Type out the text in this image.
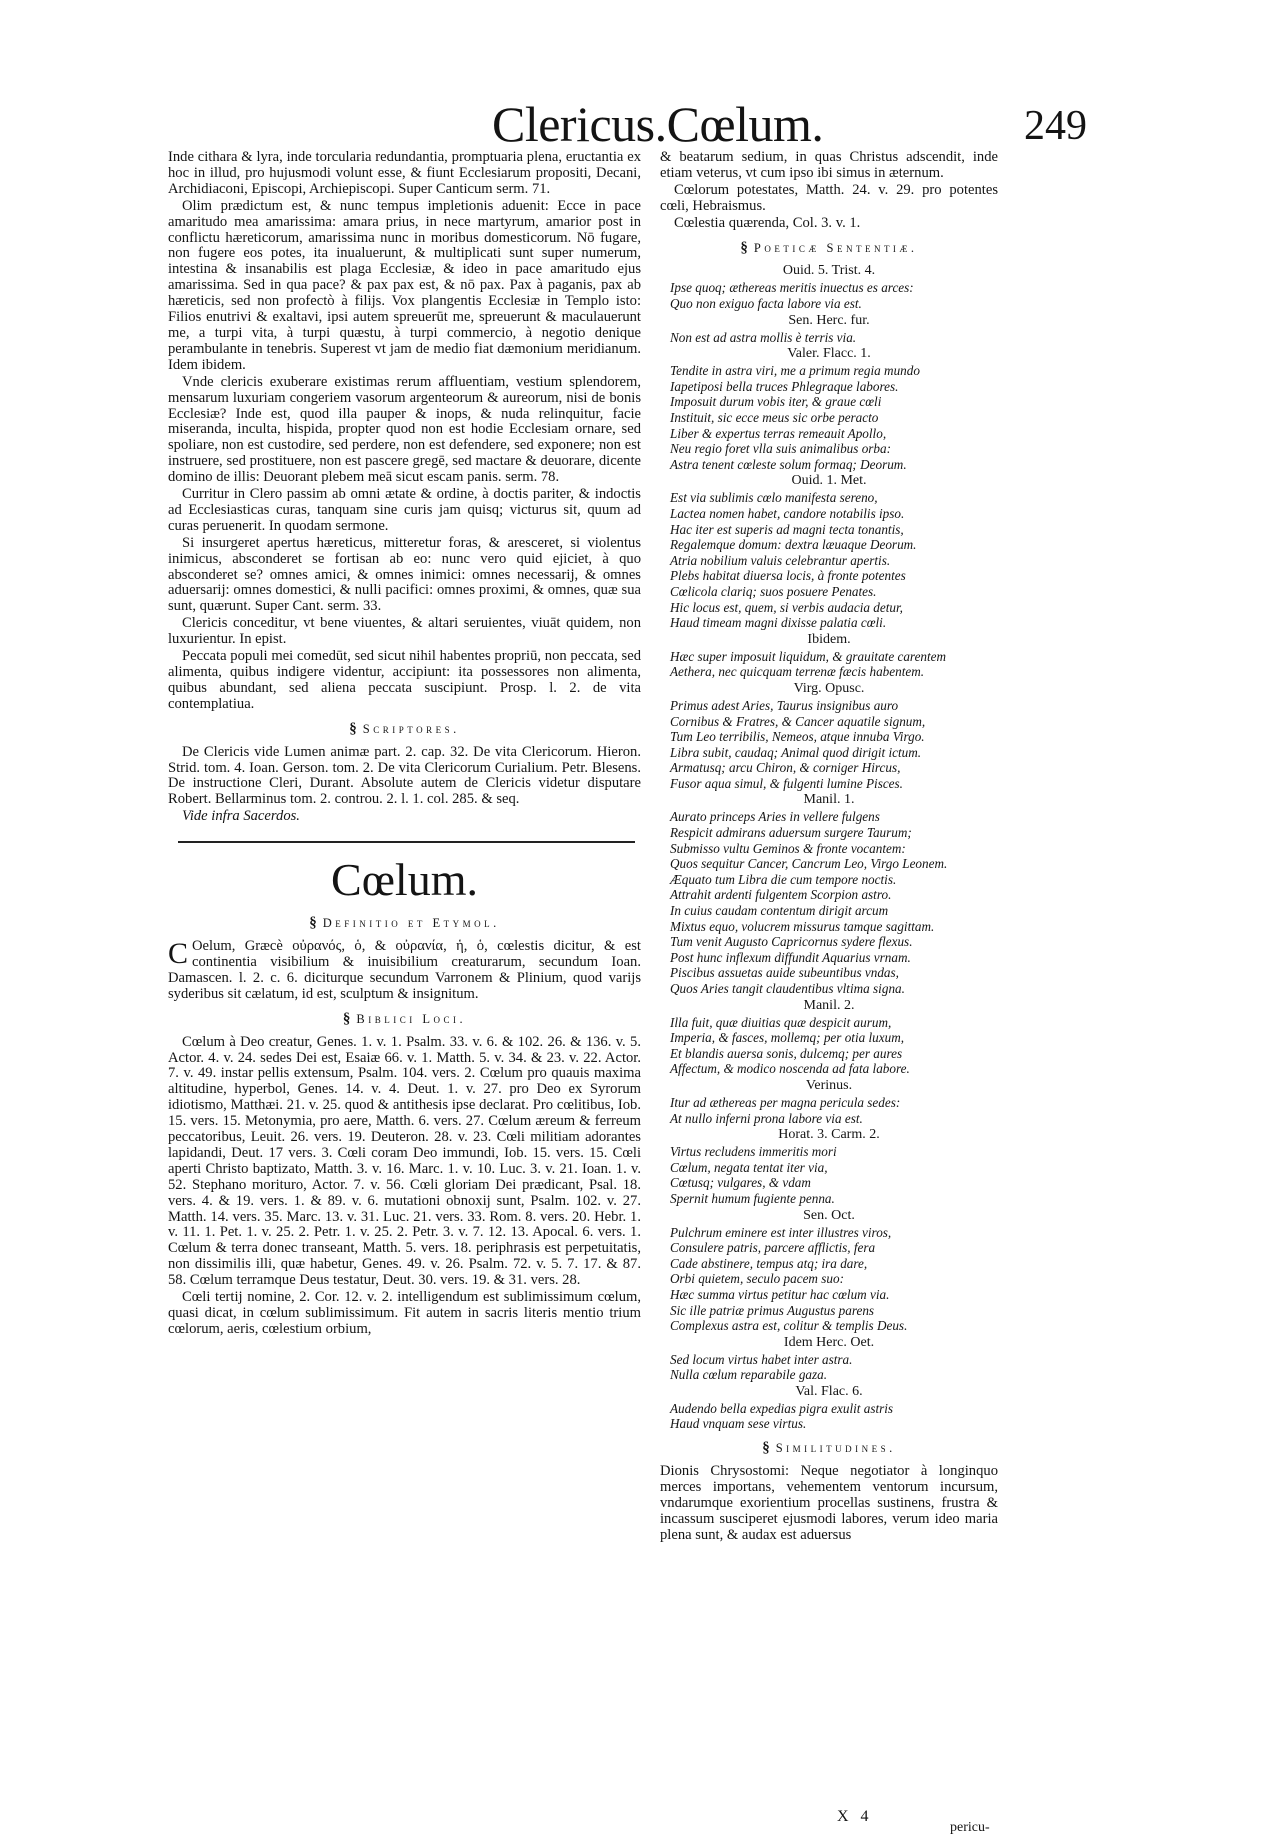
Clericus.Cœlum.	249

Inde cithara & lyra, inde torcularia redundantia, promptuaria plena, eructantia ex hoc in illud, pro hujusmodi volunt esse, & fiunt Ecclesiarum propositi, Decani, Archidiaconi, Episcopi, Archiepiscopi. Super Canticum serm. 71.

Olim prædictum est, & nunc tempus impletionis aduenit: Ecce in pace amaritudo mea amarissima: amara prius, in nece martyrum, amarior post in conflictu hæreticorum, amarissima nunc in moribus domesticorum. Nō fugare, non fugere eos potes, ita inualuerunt, & multiplicati sunt super numerum, intestina & insanabilis est plaga Ecclesiæ, & ideo in pace amaritudo ejus amarissima. Sed in qua pace? & pax pax est, & nō pax. Pax à paganis, pax ab hæreticis, sed non profectò à filijs. Vox plangentis Ecclesiæ in Templo isto: Filios enutrivi & exaltavi, ipsi autem spreuerūt me, spreuerunt & maculauerunt me, a turpi vita, à turpi quæstu, à turpi commercio, à negotio denique perambulante in tenebris. Superest vt jam de medio fiat dæmonium meridianum. Idem ibidem.

Vnde clericis exuberare existimas rerum affluentiam, vestium splendorem, mensarum luxuriam congeriem vasorum argenteorum & aureorum, nisi de bonis Ecclesiæ? Inde est, quod illa pauper & inops, & nuda relinquitur, facie miseranda, inculta, hispida, propter quod non est hodie Ecclesiam ornare, sed spoliare, non est custodire, sed perdere, non est defendere, sed exponere; non est instruere, sed prostituere, non est pascere gregē, sed mactare & deuorare, dicente domino de illis: Deuorant plebem meā sicut escam panis. serm. 78.

Curritur in Clero passim ab omni ætate & ordine, à doctis pariter, & indoctis ad Ecclesiasticas curas, tanquam sine curis jam quisq; victurus sit, quum ad curas peruenerit. In quodam sermone.

Si insurgeret apertus hæreticus, mitteretur foras, & aresceret, si violentus inimicus, absconderet se fortisan ab eo: nunc vero quid ejiciet, à quo absconderet se? omnes amici, & omnes inimici: omnes necessarij, & omnes aduersarij: omnes domestici, & nulli pacifici: omnes proximi, & omnes, quæ sua sunt, quærunt. Super Cant. serm. 33.

Clericis conceditur, vt bene viuentes, & altari seruientes, viuāt quidem, non luxurientur. In epist.

Peccata populi mei comedūt, sed sicut nihil habentes propriū, non peccata, sed alimenta, quibus indigere videntur, accipiunt: ita possessores non alimenta, quibus abundant, sed aliena peccata suscipiunt. Prosp. l. 2. de vita contemplatiua.

§ Scriptores.

De Clericis vide Lumen animæ part. 2. cap. 32. De vita Clericorum. Hieron. Strid. tom. 4. Ioan. Gerson. tom. 2. De vita Clericorum Curialium. Petr. Blesens. De instructione Cleri, Durant. Absolute autem de Clericis videtur disputare Robert. Bellarminus tom. 2. controu. 2. l. 1. col. 285. & seq.

Vide infra Sacerdos.

Cœlum.
§ Definitio et Etymol.

C Oelum, Græcè οὐρανός, ὁ, & οὐρανία, ἡ, ὁ, cœlestis dicitur, & est continentia visibilium & inuisibilium creaturarum, secundum Ioan. Damascen. l. 2. c. 6. diciturque secundum Varronem & Plinium, quod varijs syderibus sit cælatum, id est, sculptum & insignitum.

§ Biblici Loci.

Cœlum à Deo creatur, Genes. 1. v. 1. Psalm. 33. v. 6. & 102. 26. & 136. v. 5. Actor. 4. v. 24. sedes Dei est, Esaiæ 66. v. 1. Matth. 5. v. 34. & 23. v. 22. Actor. 7. v. 49. instar pellis extensum, Psalm. 104. vers. 2. Cœlum pro quauis maxima altitudine, hyperbol, Genes. 14. v. 4. Deut. 1. v. 27. pro Deo ex Syrorum idiotismo, Matthæi. 21. v. 25. quod & antithesis ipse declarat. Pro cœlitibus, Iob. 15. vers. 15. Metonymia, pro aere, Matth. 6. vers. 27. Cœlum æreum & ferreum peccatoribus, Leuit. 26. vers. 19. Deuteron. 28. v. 23. Cœli militiam adorantes lapidandi, Deut. 17 vers. 3. Cœli coram Deo immundi, Iob. 15. vers. 15. Cœli aperti Christo baptizato, Matth. 3. v. 16. Marc. 1. v. 10. Luc. 3. v. 21. Ioan. 1. v. 52. Stephano morituro, Actor. 7. v. 56. Cœli gloriam Dei prædicant, Psal. 18. vers. 4. & 19. vers. 1. & 89. v. 6. mutationi obnoxij sunt, Psalm. 102. v. 27. Matth. 14. vers. 35. Marc. 13. v. 31. Luc. 21. vers. 33. Rom. 8. vers. 20. Hebr. 1. v. 11. 1. Pet. 1. v. 25. 2. Petr. 1. v. 25. 2. Petr. 3. v. 7. 12. 13. Apocal. 6. vers. 1. Cœlum & terra donec transeant, Matth. 5. vers. 18. periphrasis est perpetuitatis, non dissimilis illi, quæ habetur, Genes. 49. v. 26. Psalm. 72. v. 5. 7. 17. & 87. 58. Cœlum terramque Deus testatur, Deut. 30. vers. 19. & 31. vers. 28.

Cœli tertij nomine, 2. Cor. 12. v. 2. intelligendum est sublimissimum cœlum, quasi dicat, in cœlum sublimissimum. Fit autem in sacris literis mentio trium cœlorum, aeris, cœlestium orbium,

& beatarum sedium, in quas Christus adscendit, inde etiam veterus, vt cum ipso ibi simus in æternum.

Cœlorum potestates, Matth. 24. v. 29. pro potentes cœli, Hebraismus.

Cœlestia quærenda, Col. 3. v. 1.

§ Poeticæ Sententiæ.
Ouid. 5. Trist. 4.
Ipse quoq; æthereas meritis inuectus es arces:
Quo non exiguo facta labore via est.
Sen. Herc. fur.
Non est ad astra mollis è terris via.
Valer. Flacc. 1.
Tendite in astra viri, me a primum regia mundo
Iapetiposi bella truces Phlegraque labores.
Imposuit durum vobis iter, & graue cœli
Instituit, sic ecce meus sic orbe peracto
Liber & expertus terras remeauit Apollo,
Neu regio foret vlla suis animalibus orba:
Astra tenent cœleste solum formaq; Deorum.
Ouid. 1. Met.
Est via sublimis cœlo manifesta sereno,
Lactea nomen habet, candore notabilis ipso.
Hac iter est superis ad magni tecta tonantis,
Regalemque domum: dextra læuaque Deorum.
Atria nobilium valuis celebrantur apertis.
Plebs habitat diuersa locis, à fronte potentes
Cœlicola clariq; suos posuere Penates.
Hic locus est, quem, si verbis audacia detur,
Haud timeam magni dixisse palatia cœli.
Ibidem.
Hæc super imposuit liquidum, & grauitate carentem
Aethera, nec quicquam terrenæ fæcis habentem.
Virg. Opusc.
Primus adest Aries, Taurus insignibus auro
Cornibus & Fratres, & Cancer aquatile signum,
Tum Leo terribilis, Nemeos, atque innuba Virgo.
Libra subit, caudaq; Animal quod dirigit ictum.
Armatusq; arcu Chiron, & corniger Hircus,
Fusor aqua simul, & fulgenti lumine Pisces.
Manil. 1.
Aurato princeps Aries in vellere fulgens
Respicit admirans aduersum surgere Taurum;
Submisso vultu Geminos & fronte vocantem:
Quos sequitur Cancer, Cancrum Leo, Virgo Leonem.
Æquato tum Libra die cum tempore noctis.
Attrahit ardenti fulgentem Scorpion astro.
In cuius caudam contentum dirigit arcum
Mixtus equo, volucrem missurus tamque sagittam.
Tum venit Augusto Capricornus sydere flexus.
Post hunc inflexum diffundit Aquarius vrnam.
Piscibus assuetas auide subeuntibus vndas,
Quos Aries tangit claudentibus vltima signa.
Manil. 2.
Illa fuit, quæ diuitias quæ despicit aurum,
Imperia, & fasces, mollemq; per otia luxum,
Et blandis auersa sonis, dulcemq; per aures
Affectum, & modico noscenda ad fata labore.
Verinus.
Itur ad æthereas per magna pericula sedes:
At nullo inferni prona labore via est.
Horat. 3. Carm. 2.
Virtus recludens immeritis mori
Cœlum, negata tentat iter via,
Cœtusq; vulgares, & vdam
Spernit humum fugiente penna.
Sen. Oct.
Pulchrum eminere est inter illustres viros,
Consulere patris, parcere afflictis, fera
Cade abstinere, tempus atq; ira dare,
Orbi quietem, seculo pacem suo:
Hæc summa virtus petitur hac cœlum via.
Sic ille patriæ primus Augustus parens
Complexus astra est, colitur & templis Deus.
Idem Herc. Oet.
Sed locum virtus habet inter astra.
Nulla cœlum reparabile gaza.
Val. Flac. 6.
Audendo bella expedias pigra exulit astris
Haud vnquam sese virtus.
§ Similitudines.

Dionis Chrysostomi: Neque negotiator à longinquo merces importans, vehementem ventorum incursum, vndarumque exorientium procellas sustinens, frustra & incassum susciperet ejusmodi labores, verum ideo maria plena sunt, & audax est aduersus

X 4
pericu-
